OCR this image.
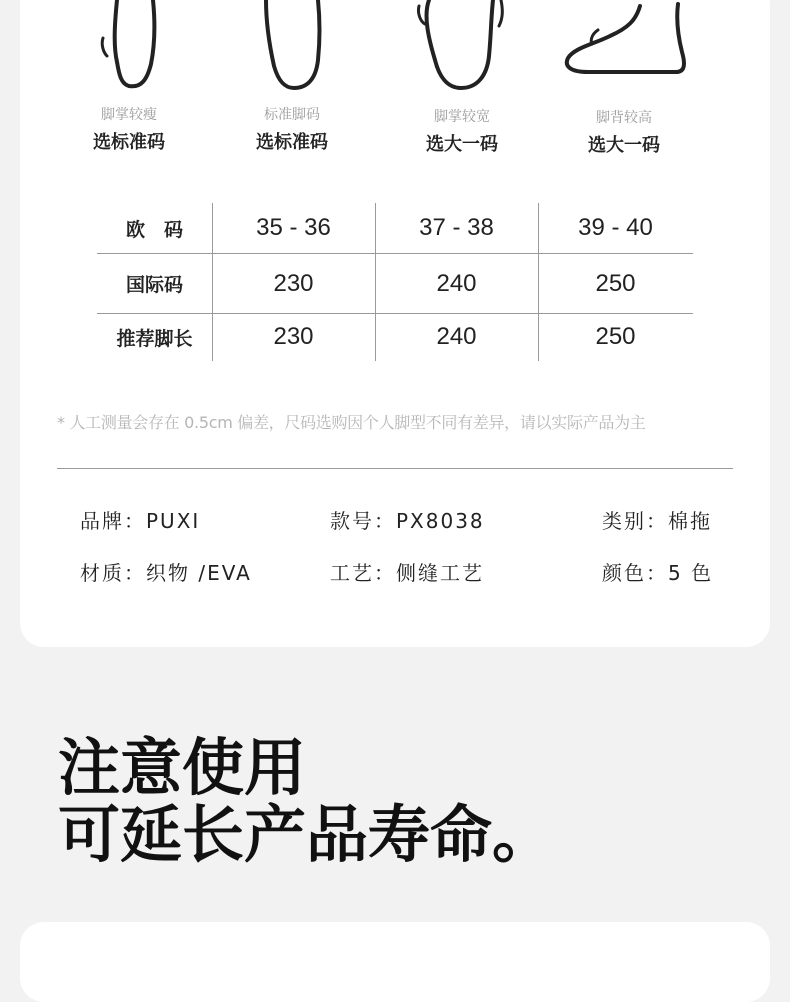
脚掌较瘦
选标准码
标准脚码
选标准码
脚掌较宽
选大一码
脚背较高
选大一码
欧　码	35 - 36	37 - 38	39 - 40
国际码	230	240	250
推荐脚长	230	240	250
* 人工测量会存在 0.5cm 偏差，尺码选购因个人脚型不同有差异，请以实际产品为主
品牌：PUXI	款号：PX8038	类别：棉拖
材质：织物 /EVA	工艺：侧缝工艺	颜色：5 色
注意使用
可延长产品寿命。
